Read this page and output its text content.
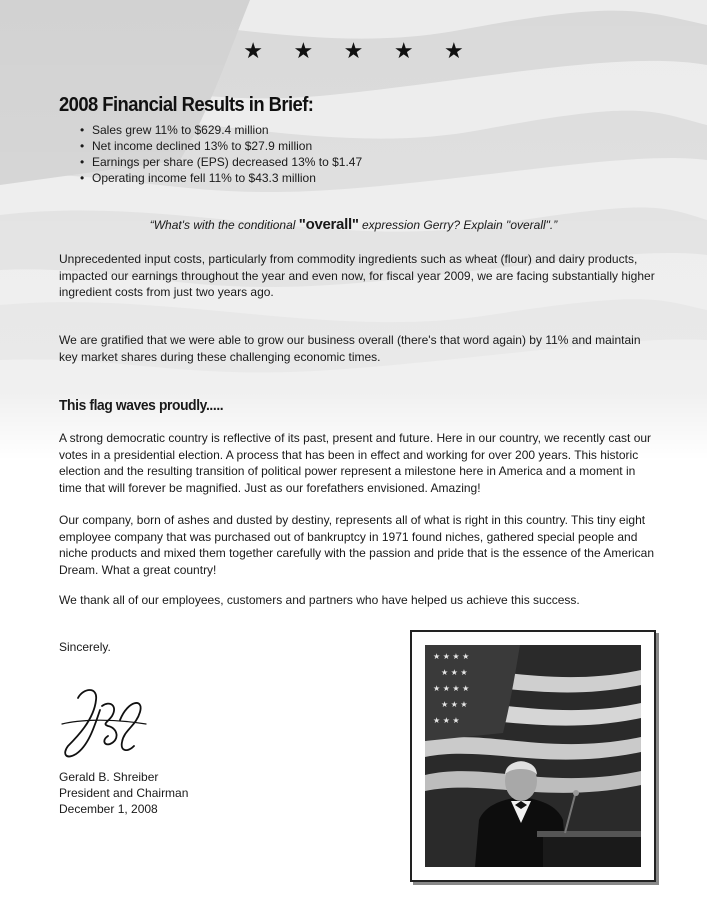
★ ★ ★ ★ ★
2008 Financial Results in Brief:
• Sales grew 11% to $629.4 million
• Net income declined 13% to $27.9 million
• Earnings per share (EPS) decreased 13% to $1.47
• Operating income fell 11% to $43.3 million
“What's with the conditional "overall" expression Gerry? Explain "overall".”

Unprecedented input costs, particularly from commodity ingredients such as wheat (flour) and dairy products, impacted our earnings throughout the year and even now, for fiscal year 2009, we are facing substantially higher ingredient costs from just two years ago.

We are gratified that we were able to grow our business overall (there's that word again) by 11% and maintain key market shares during these challenging economic times.

This flag waves proudly.....

A strong democratic country is reflective of its past, present and future. Here in our country, we recently cast our votes in a presidential election. A process that has been in effect and working for over 200 years. This historic election and the resulting transition of political power represent a milestone here in America and a moment in time that will forever be magnified. Just as our forefathers envisioned. Amazing!

Our company, born of ashes and dusted by destiny, represents all of what is right in this country. This tiny eight employee company that was purchased out of bankruptcy in 1971 found niches, gathered special people and niche products and mixed them together carefully with the passion and pride that is the essence of the American Dream. What a great country!

We thank all of our employees, customers and partners who have helped us achieve this success.

Sincerely.
Gerald B. Shreiber
President and Chairman
December 1, 2008
★ ★ ★ ★
★ ★ ★
★ ★ ★ ★
★ ★ ★
★ ★ ★
